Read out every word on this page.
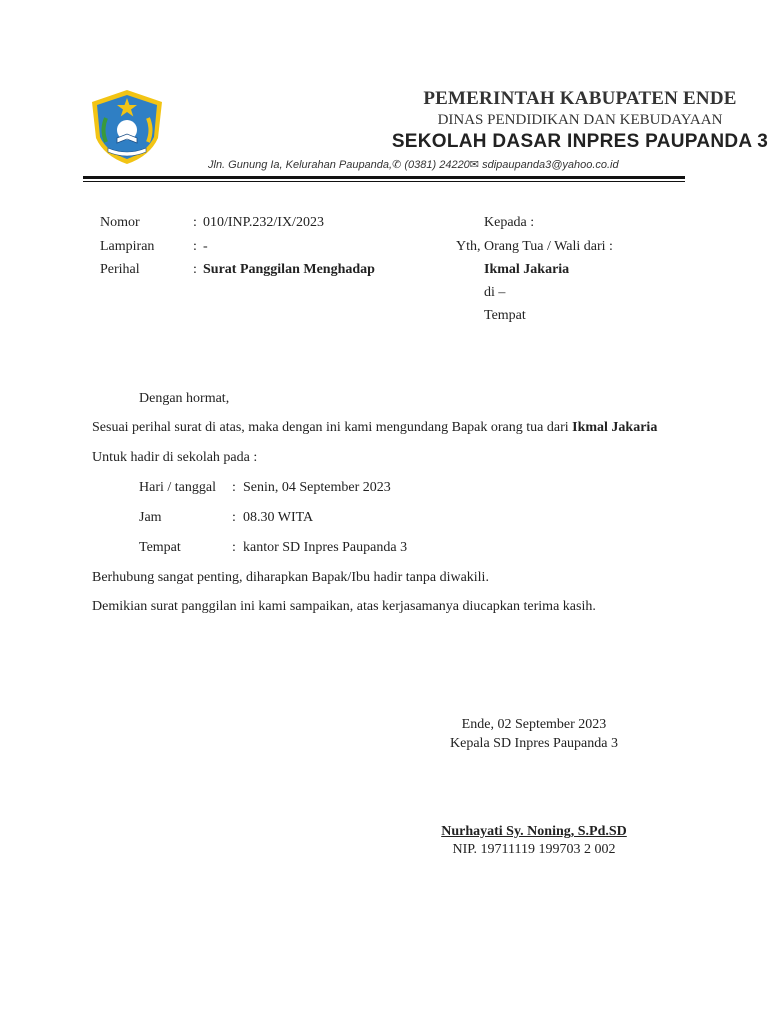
PEMERINTAH KABUPATEN ENDE
DINAS PENDIDIKAN DAN KEBUDAYAAN
SEKOLAH DASAR INPRES PAUPANDA 3
Jln. Gunung Ia, Kelurahan Paupanda,✆ (0381) 24220✉ sdipaupanda3@yahoo.co.id
Nomor	: 010/INP.232/IX/2023
Lampiran	: -
Perihal	: Surat Panggilan Menghadap
Kepada :
Yth, Orang Tua / Wali dari :
Ikmal Jakaria
di –
Tempat
Dengan hormat,
Sesuai perihal surat di atas, maka dengan ini kami mengundang Bapak orang tua dari Ikmal Jakaria
Untuk hadir di sekolah pada :
Hari / tanggal : Senin, 04 September 2023
Jam	: 08.30 WITA
Tempat	: kantor SD Inpres Paupanda 3
Berhubung sangat penting, diharapkan Bapak/Ibu hadir tanpa diwakili.
Demikian surat panggilan ini kami sampaikan, atas kerjasamanya diucapkan terima kasih.
Ende, 02 September 2023
Kepala SD Inpres Paupanda 3
Nurhayati Sy. Noning, S.Pd.SD
NIP. 19711119 199703 2 002
